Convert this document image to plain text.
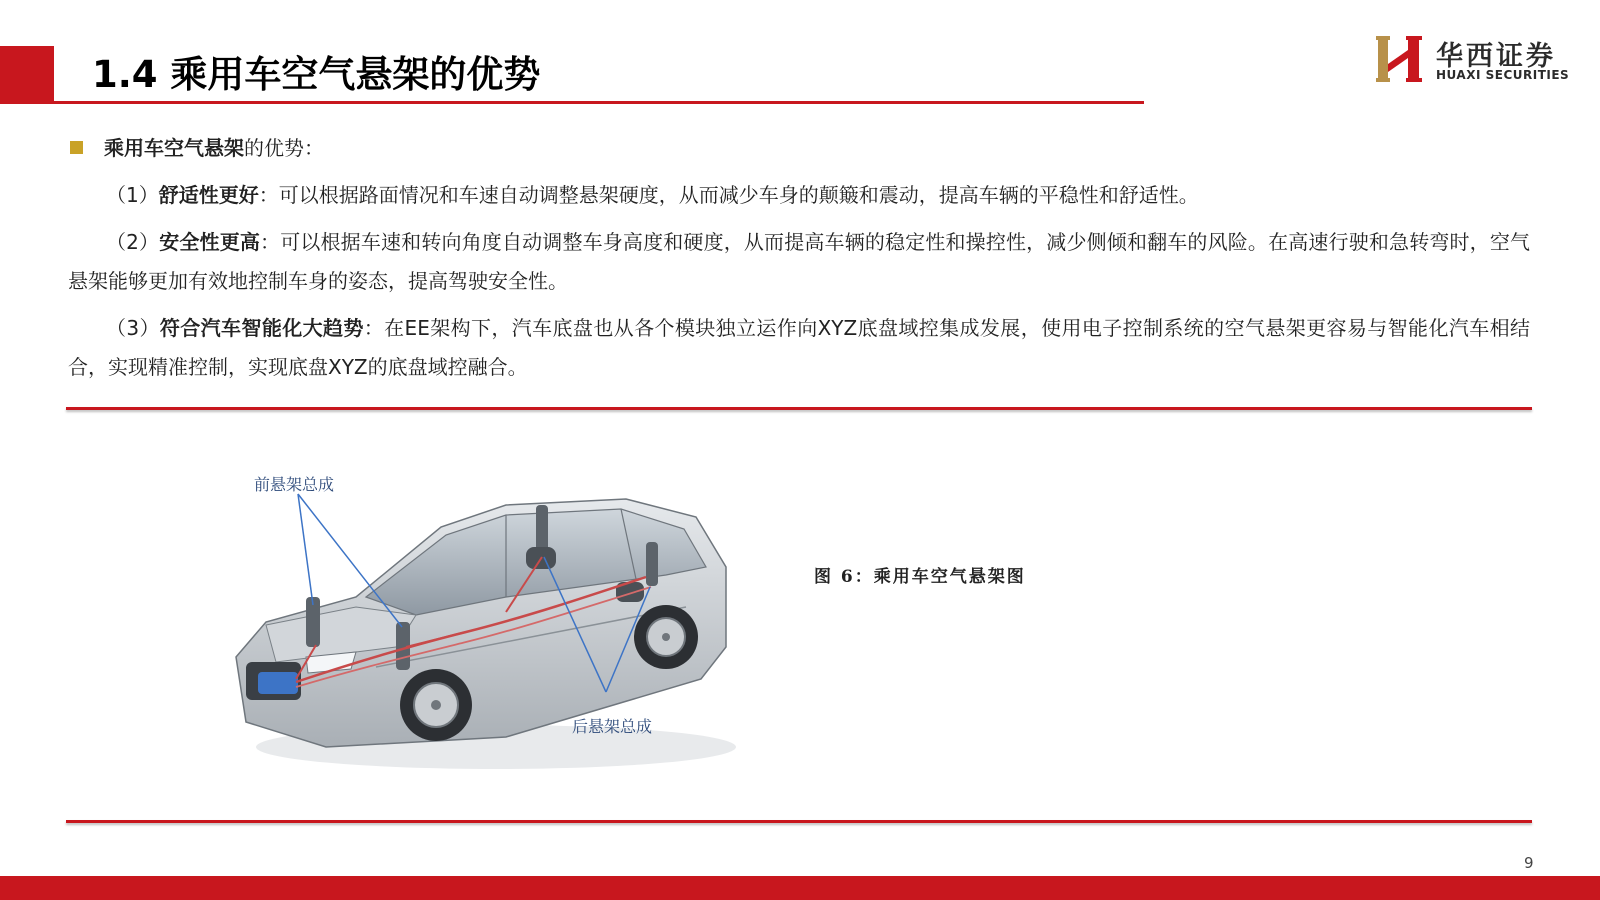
1.4 乘用车空气悬架的优势	华西证券
HUAXI SECURITIES
乘用车空气悬架的优势：
（1）舒适性更好：可以根据路面情况和车速自动调整悬架硬度，从而减少车身的颠簸和震动，提高车辆的平稳性和舒适性。
（2）安全性更高：可以根据车速和转向角度自动调整车身高度和硬度，从而提高车辆的稳定性和操控性，减少侧倾和翻车的风险。在高速行驶和急转弯时，空气悬架能够更加有效地控制车身的姿态，提高驾驶安全性。
（3）符合汽车智能化大趋势：在EE架构下，汽车底盘也从各个模块独立运作向XYZ底盘域控集成发展，使用电子控制系统的空气悬架更容易与智能化汽车相结合，实现精准控制，实现底盘XYZ的底盘域控融合。
前悬架总成
后悬架总成
图 6：乘用车空气悬架图
9
